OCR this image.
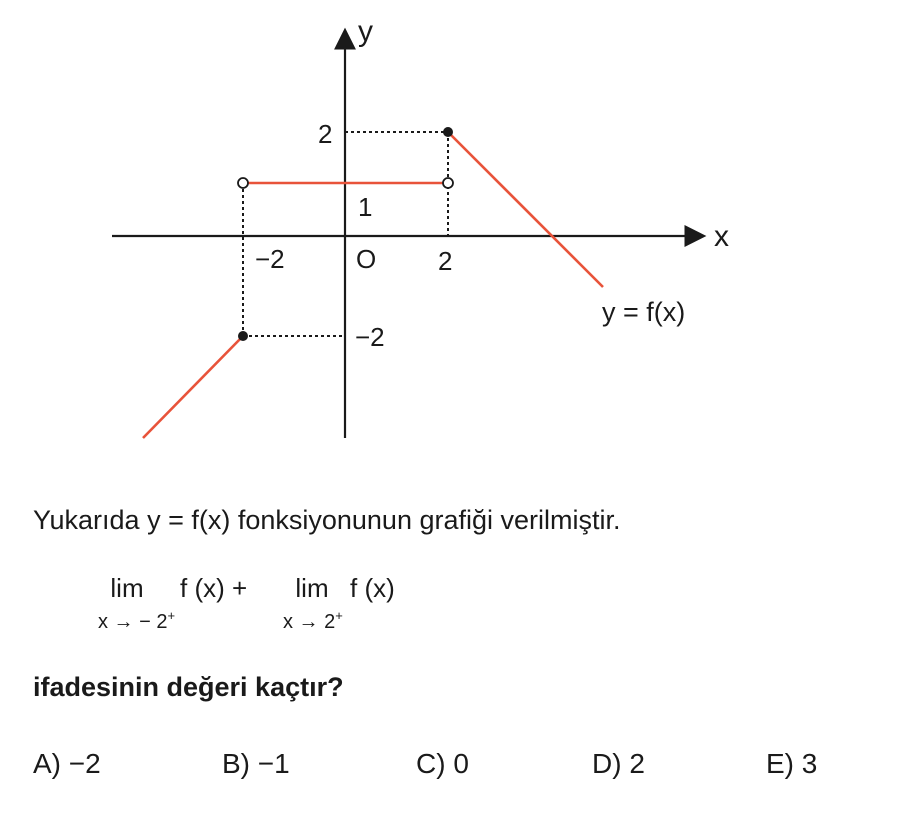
y
x
O
−2	2
2
1
−2
y = f(x)
Yukarıda y = f(x) fonksiyonunun grafiği verilmiştir.
lim
x → − 2+
f (x) +	lim
x → 2+
f (x)
ifadesinin değeri kaçtır?
A) −2	B) −1	C) 0	D) 2	E) 3
